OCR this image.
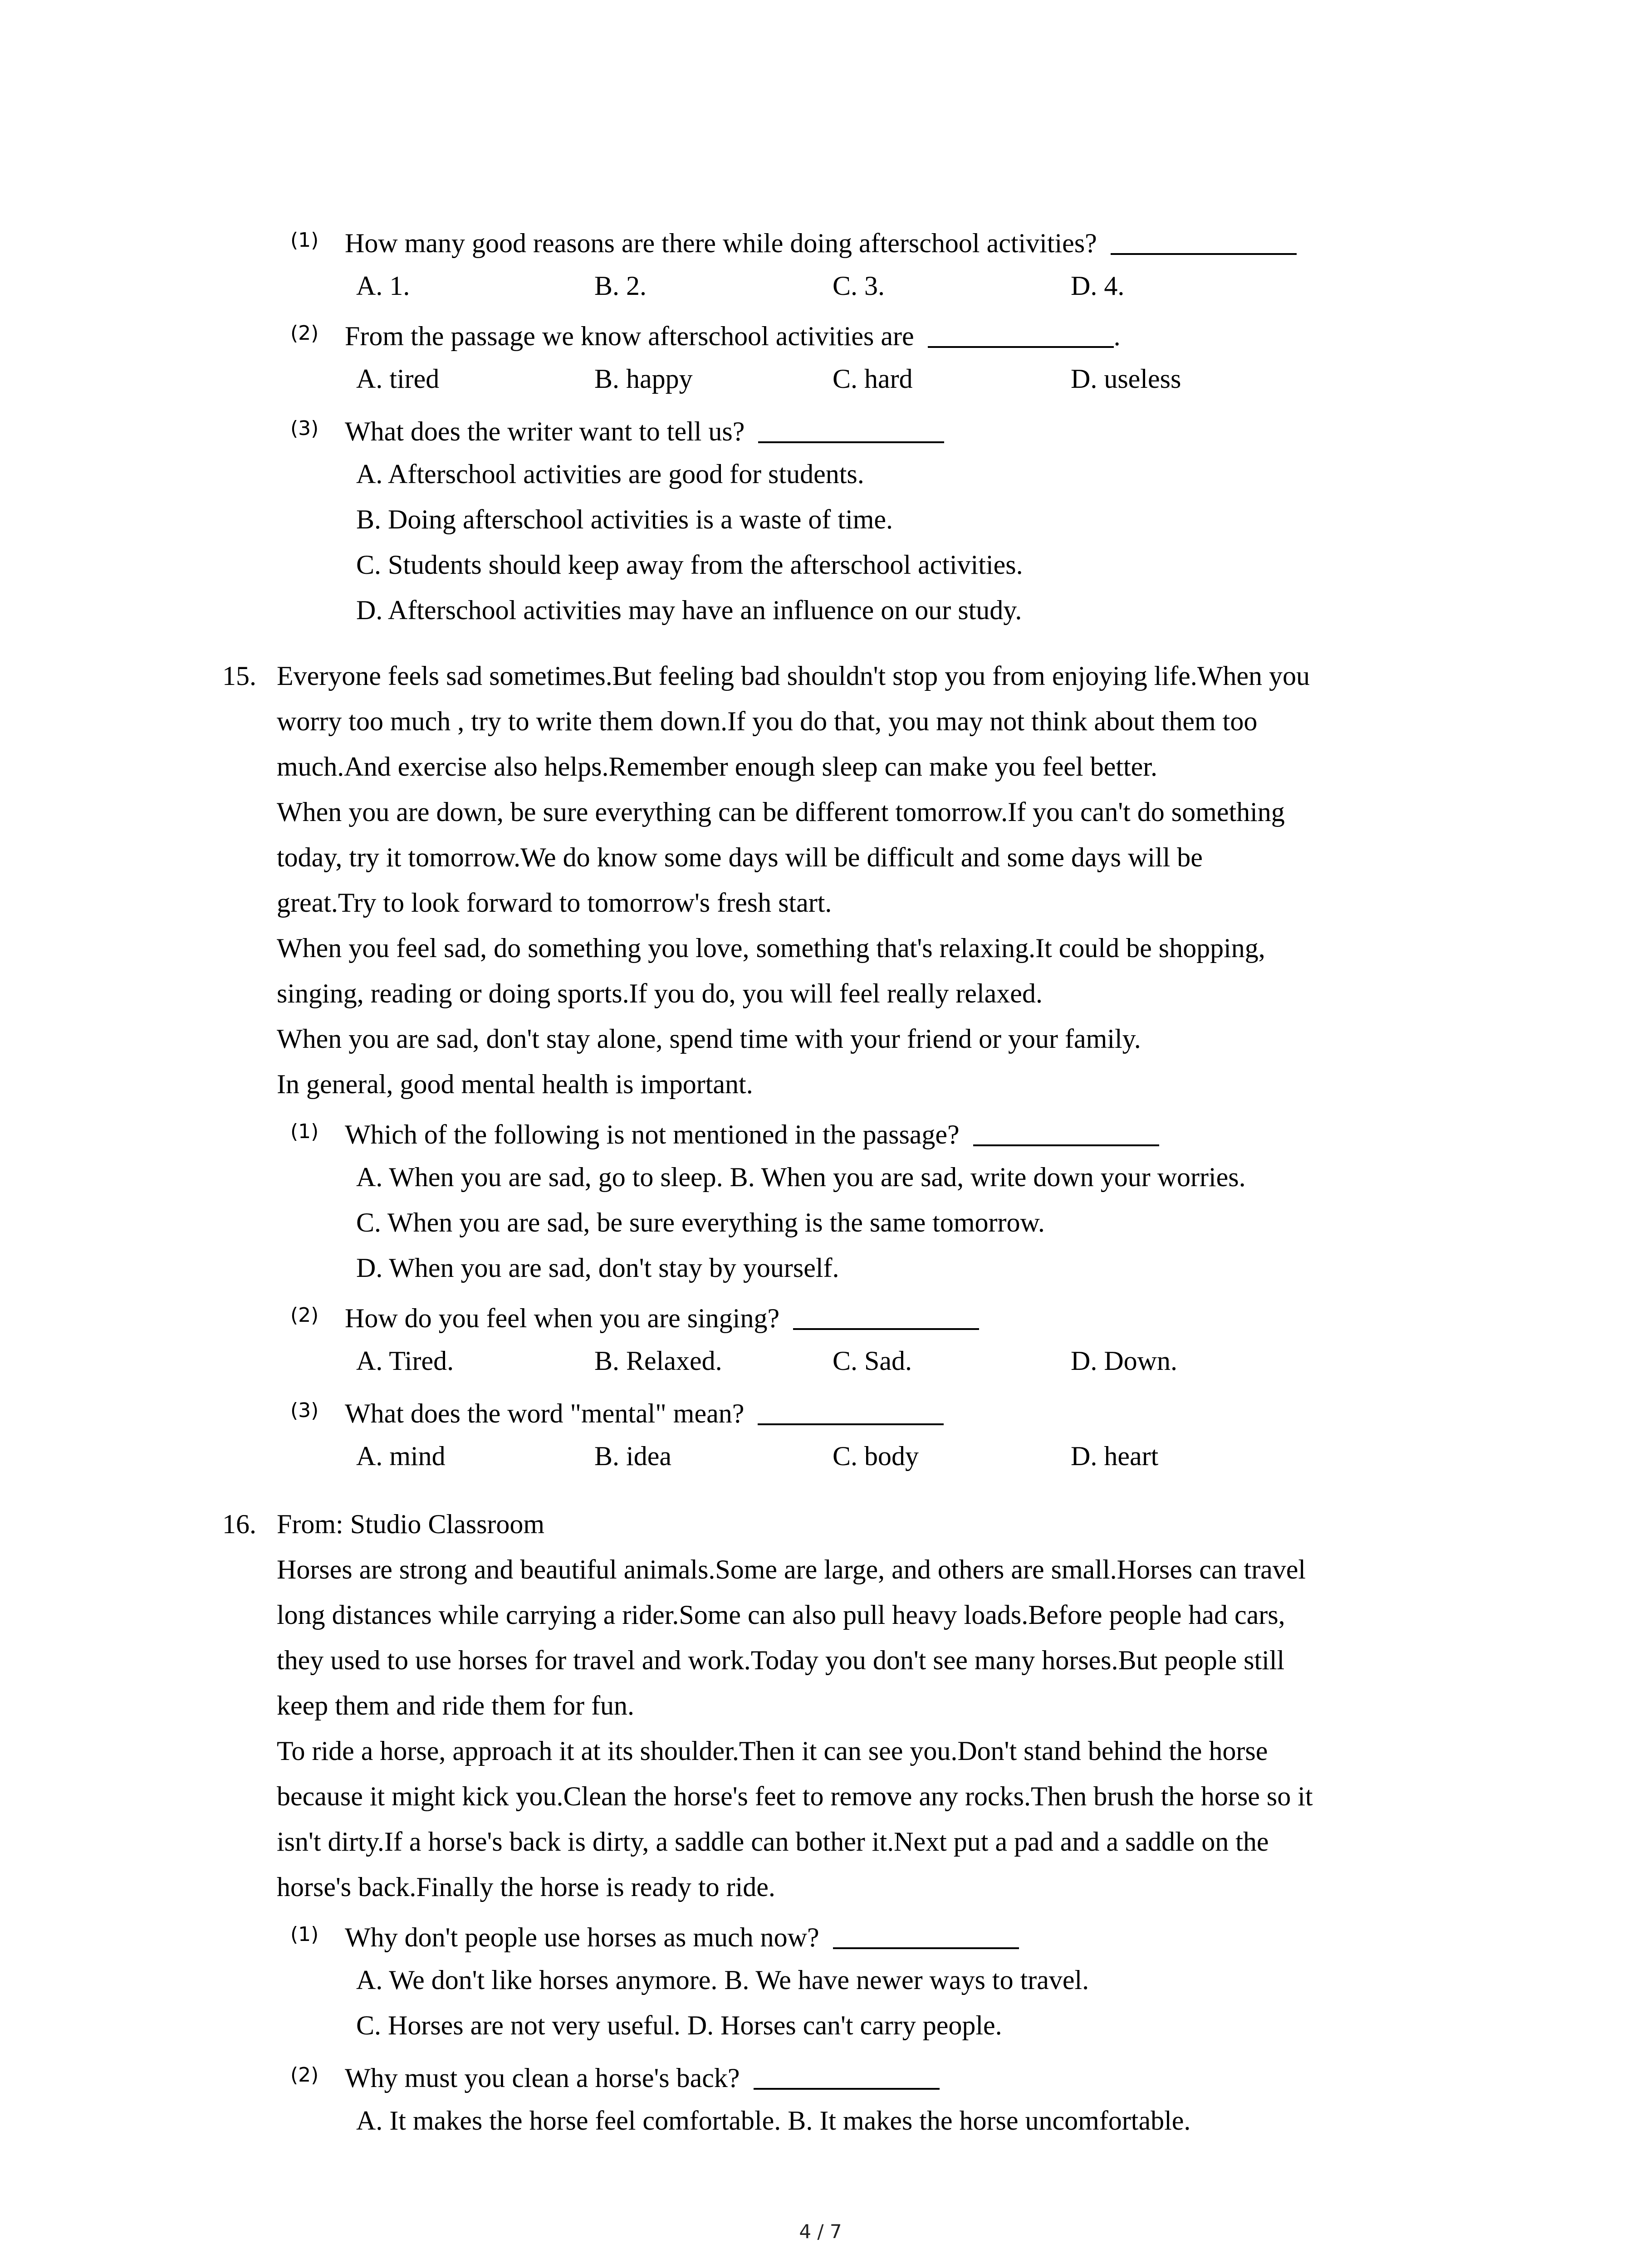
(1) How many good reasons are there while doing afterschool activities?
A. 1.	B. 2.	C. 3.	D. 4.
(2) From the passage we know afterschool activities are	.
A. tired	B. happy	C. hard	D. useless
(3) What does the writer want to tell us?
A. Afterschool activities are good for students.
B. Doing afterschool activities is a waste of time.
C. Students should keep away from the afterschool activities.
D. Afterschool activities may have an influence on our study.
15. Everyone feels sad sometimes.But feeling bad shouldn't stop you from enjoying life.When you
worry too much , try to write them down.If you do that, you may not think about them too
much.And exercise also helps.Remember enough sleep can make you feel better.
When you are down, be sure everything can be different tomorrow.If you can't do something
today, try it tomorrow.We do know some days will be difficult and some days will be
great.Try to look forward to tomorrow's fresh start.
When you feel sad, do something you love, something that's relaxing.It could be shopping,
singing, reading or doing sports.If you do, you will feel really relaxed.
When you are sad, don't stay alone, spend time with your friend or your family.
In general, good mental health is important.
(1) Which of the following is not mentioned in the passage?
A. When you are sad, go to sleep. B. When you are sad, write down your worries.
C. When you are sad, be sure everything is the same tomorrow.
D. When you are sad, don't stay by yourself.
(2) How do you feel when you are singing?
A. Tired.	B. Relaxed.	C. Sad.	D. Down.
(3) What does the word "mental" mean?
A. mind	B. idea	C. body	D. heart
16. From: Studio Classroom
Horses are strong and beautiful animals.Some are large, and others are small.Horses can travel
long distances while carrying a rider.Some can also pull heavy loads.Before people had cars,
they used to use horses for travel and work.Today you don't see many horses.But people still
keep them and ride them for fun.
To ride a horse, approach it at its shoulder.Then it can see you.Don't stand behind the horse
because it might kick you.Clean the horse's feet to remove any rocks.Then brush the horse so it
isn't dirty.If a horse's back is dirty, a saddle can bother it.Next put a pad and a saddle on the
horse's back.Finally the horse is ready to ride.
(1) Why don't people use horses as much now?
A. We don't like horses anymore. B. We have newer ways to travel.
C. Horses are not very useful. D. Horses can't carry people.
(2) Why must you clean a horse's back?
A. It makes the horse feel comfortable. B. It makes the horse uncomfortable.
4 / 7
